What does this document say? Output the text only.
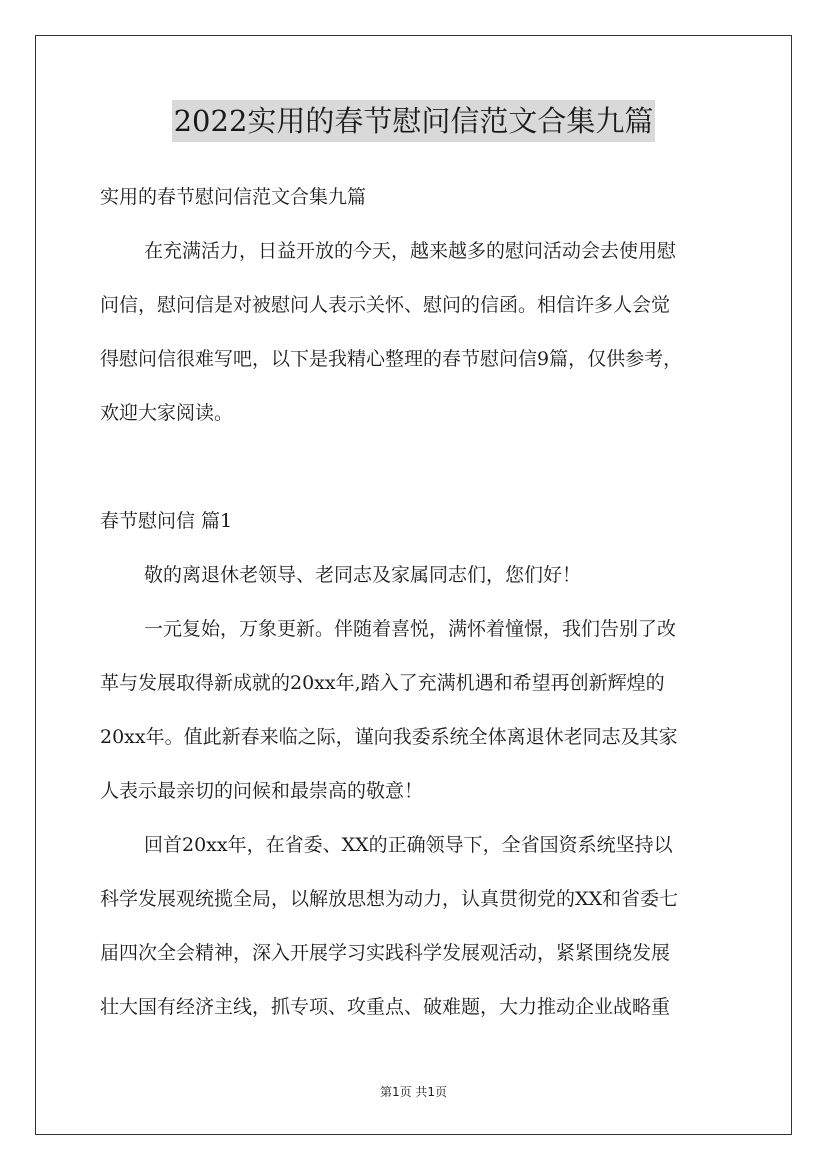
2022实用的春节慰问信范文合集九篇
实用的春节慰问信范文合集九篇
在充满活力，日益开放的今天，越来越多的慰问活动会去使用慰
问信，慰问信是对被慰问人表示关怀、慰问的信函。相信许多人会觉
得慰问信很难写吧，以下是我精心整理的春节慰问信9篇，仅供参考，
欢迎大家阅读。
春节慰问信 篇1
敬的离退休老领导、老同志及家属同志们，您们好！
一元复始，万象更新。伴随着喜悦，满怀着憧憬，我们告别了改
革与发展取得新成就的20xx年,踏入了充满机遇和希望再创新辉煌的
20xx年。值此新春来临之际，谨向我委系统全体离退休老同志及其家
人表示最亲切的问候和最崇高的敬意！
回首20xx年，在省委、XX的正确领导下，全省国资系统坚持以
科学发展观统揽全局，以解放思想为动力，认真贯彻党的XX和省委七
届四次全会精神，深入开展学习实践科学发展观活动，紧紧围绕发展
壮大国有经济主线，抓专项、攻重点、破难题，大力推动企业战略重
第1页 共1页
